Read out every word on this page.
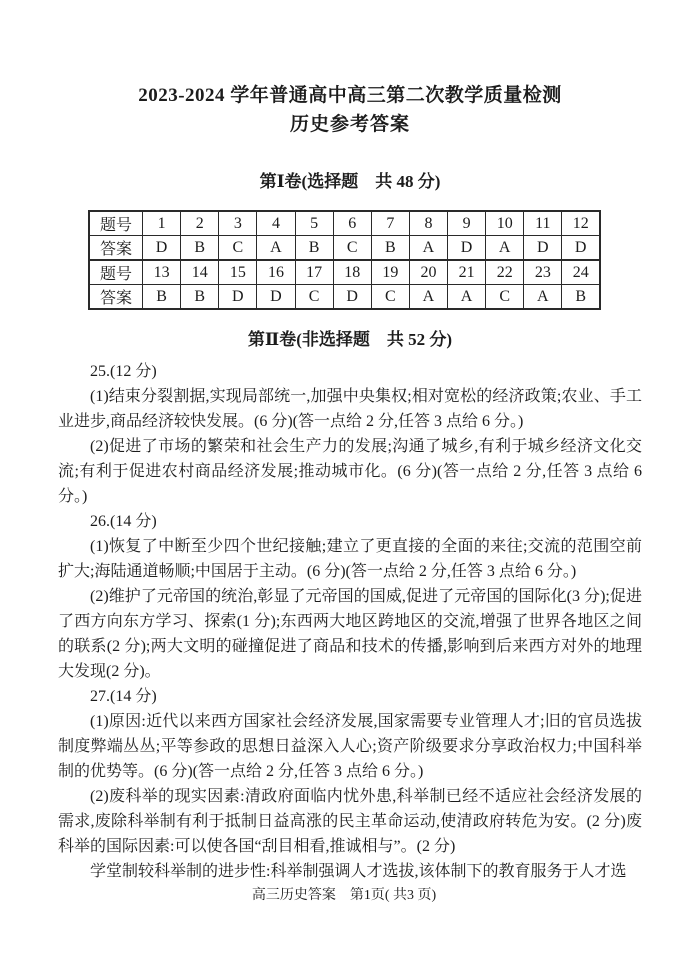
2023-2024 学年普通高中高三第二次教学质量检测
历史参考答案
第Ⅰ卷(选择题　共 48 分)
题号	1	2	3	4	5	6	7	8	9	10	11	12
答案	D	B	C	A	B	C	B	A	D	A	D	D
题号	13	14	15	16	17	18	19	20	21	22	23	24
答案	B	B	D	D	C	D	C	A	A	C	A	B
第Ⅱ卷(非选择题　共 52 分)

25.(12 分)

(1)结束分裂割据,实现局部统一,加强中央集权;相对宽松的经济政策;农业、手工业进步,商品经济较快发展。(6 分)(答一点给 2 分,任答 3 点给 6 分。)

(2)促进了市场的繁荣和社会生产力的发展;沟通了城乡,有利于城乡经济文化交流;有利于促进农村商品经济发展;推动城市化。(6 分)(答一点给 2 分,任答 3 点给 6 分。)

26.(14 分)

(1)恢复了中断至少四个世纪接触;建立了更直接的全面的来往;交流的范围空前扩大;海陆通道畅顺;中国居于主动。(6 分)(答一点给 2 分,任答 3 点给 6 分。)

(2)维护了元帝国的统治,彰显了元帝国的国威,促进了元帝国的国际化(3 分);促进了西方向东方学习、探索(1 分);东西两大地区跨地区的交流,增强了世界各地区之间的联系(2 分);两大文明的碰撞促进了商品和技术的传播,影响到后来西方对外的地理大发现(2 分)。

27.(14 分)

(1)原因:近代以来西方国家社会经济发展,国家需要专业管理人才;旧的官员选拔制度弊端丛丛;平等参政的思想日益深入人心;资产阶级要求分享政治权力;中国科举制的优势等。(6 分)(答一点给 2 分,任答 3 点给 6 分。)

(2)废科举的现实因素:清政府面临内忧外患,科举制已经不适应社会经济发展的需求,废除科举制有利于抵制日益高涨的民主革命运动,使清政府转危为安。(2 分)废科举的国际因素:可以使各国“刮目相看,推诚相与”。(2 分)

学堂制较科举制的进步性:科举制强调人才选拔,该体制下的教育服务于人才选

高三历史答案　第1页( 共3 页)
